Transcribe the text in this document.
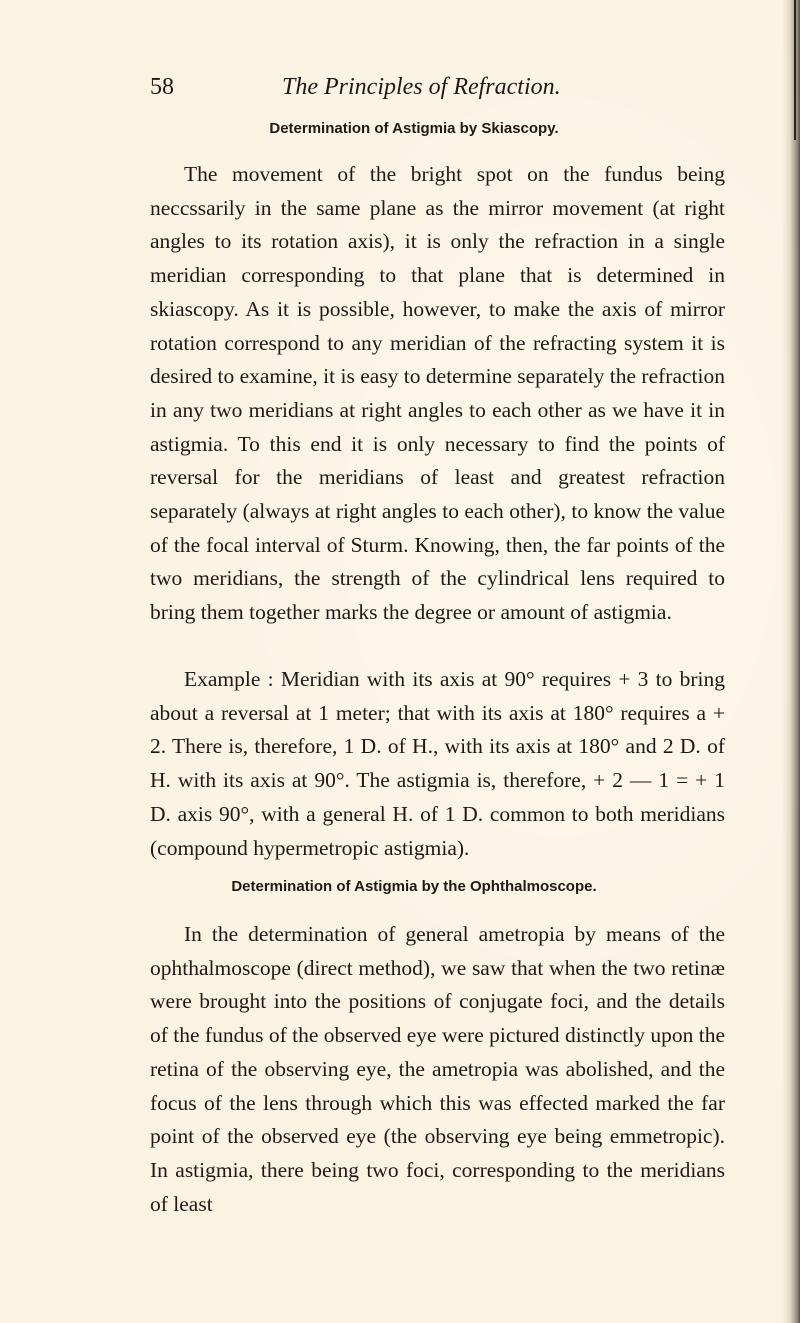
58	The Principles of Refraction.
Determination of Astigmia by Skiascopy.

The movement of the bright spot on the fundus being neccssarily in the same plane as the mirror movement (at right angles to its rotation axis), it is only the refraction in a single meridian corresponding to that plane that is determined in skiascopy. As it is possible, however, to make the axis of mirror rotation correspond to any meridian of the refracting system it is desired to examine, it is easy to determine separately the refraction in any two meridians at right angles to each other as we have it in astigmia. To this end it is only necessary to find the points of reversal for the meridians of least and greatest refraction separately (always at right angles to each other), to know the value of the focal interval of Sturm. Knowing, then, the far points of the two meridians, the strength of the cylindrical lens required to bring them together marks the degree or amount of astigmia.

Example : Meridian with its axis at 90° requires + 3 to bring about a reversal at 1 meter; that with its axis at 180° requires a + 2. There is, therefore, 1 D. of H., with its axis at 180° and 2 D. of H. with its axis at 90°. The astigmia is, therefore, + 2 — 1 = + 1 D. axis 90°, with a general H. of 1 D. common to both meridians (compound hypermetropic astigmia).

Determination of Astigmia by the Ophthalmoscope.

In the determination of general ametropia by means of the ophthalmoscope (direct method), we saw that when the two retinæ were brought into the positions of conjugate foci, and the details of the fundus of the observed eye were pictured distinctly upon the retina of the observing eye, the ametropia was abolished, and the focus of the lens through which this was effected marked the far point of the observed eye (the observing eye being emmetropic). In astigmia, there being two foci, corresponding to the meridians of least
